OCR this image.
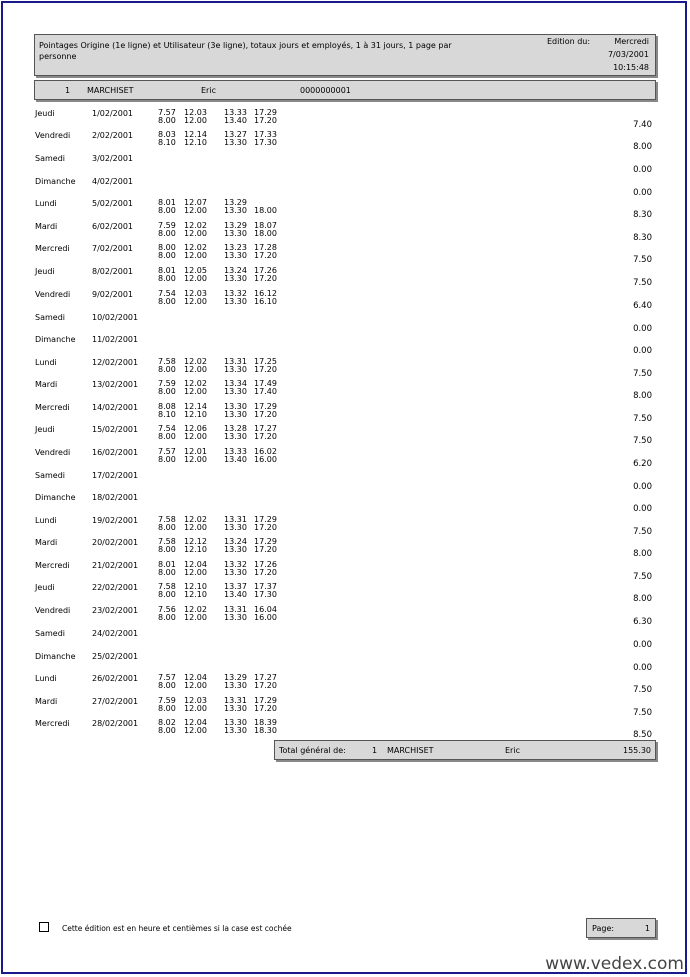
Pointages Origine (1e ligne) et Utilisateur (3e ligne), totaux jours et employés, 1 à 31 jours, 1 page par personne
Edition du:	Mercredi
7/03/2001
10:15:48
1 MARCHISET	Eric	0000000001
Jeudi	1/02/2001	7.57 12.03 13.33 17.29
8.00 12.00 13.40 17.20	7.40
Vendredi	2/02/2001	8.03 12.14 13.27 17.33
8.10 12.10 13.30 17.30	8.00
Samedi	3/02/2001
0.00
Dimanche 4/02/2001
0.00
Lundi	5/02/2001	8.01 12.07 13.29
8.00 12.00 13.30 18.00	8.30
Mardi	6/02/2001	7.59 12.02 13.29 18.07
8.00 12.00 13.30 18.00	8.30
Mercredi	7/02/2001	8.00 12.02 13.23 17.28
8.00 12.00 13.30 17.20	7.50
Jeudi	8/02/2001	8.01 12.05 13.24 17.26
8.00 12.00 13.30 17.20	7.50
Vendredi	9/02/2001	7.54 12.03 13.32 16.12
8.00 12.00 13.30 16.10	6.40
Samedi	10/02/2001
0.00
Dimanche 11/02/2001
0.00
Lundi	12/02/2001 7.58 12.02 13.31 17.25
8.00 12.00 13.30 17.20	7.50
Mardi	13/02/2001 7.59 12.02 13.34 17.49
8.00 12.00 13.30 17.40	8.00
Mercredi	14/02/2001 8.08 12.14 13.30 17.29
8.10 12.10 13.30 17.20	7.50
Jeudi	15/02/2001 7.54 12.06 13.28 17.27
8.00 12.00 13.30 17.20	7.50
Vendredi	16/02/2001 7.57 12.01 13.33 16.02
8.00 12.00 13.40 16.00	6.20
Samedi	17/02/2001
0.00
Dimanche 18/02/2001
0.00
Lundi	19/02/2001 7.58 12.02 13.31 17.29
8.00 12.00 13.30 17.20	7.50
Mardi	20/02/2001 7.58 12.12 13.24 17.29
8.00 12.10 13.30 17.20	8.00
Mercredi	21/02/2001 8.01 12.04 13.32 17.26
8.00 12.00 13.30 17.20	7.50
Jeudi	22/02/2001 7.58 12.10 13.37 17.37
8.00 12.10 13.40 17.30	8.00
Vendredi	23/02/2001 7.56 12.02 13.31 16.04
8.00 12.00 13.30 16.00	6.30
Samedi	24/02/2001
0.00
Dimanche 25/02/2001
0.00
Lundi	26/02/2001 7.57 12.04 13.29 17.27
8.00 12.00 13.30 17.20	7.50
Mardi	27/02/2001 7.59 12.03 13.31 17.29
8.00 12.00 13.30 17.20	7.50
Mercredi	28/02/2001 8.02 12.04 13.30 18.39
8.00 12.00 13.30 18.30	8.50
Total général de:	1 MARCHISET	Eric	155.30
Cette édition est en heure et centièmes si la case est cochée	Page:	1
www.vedex.com
